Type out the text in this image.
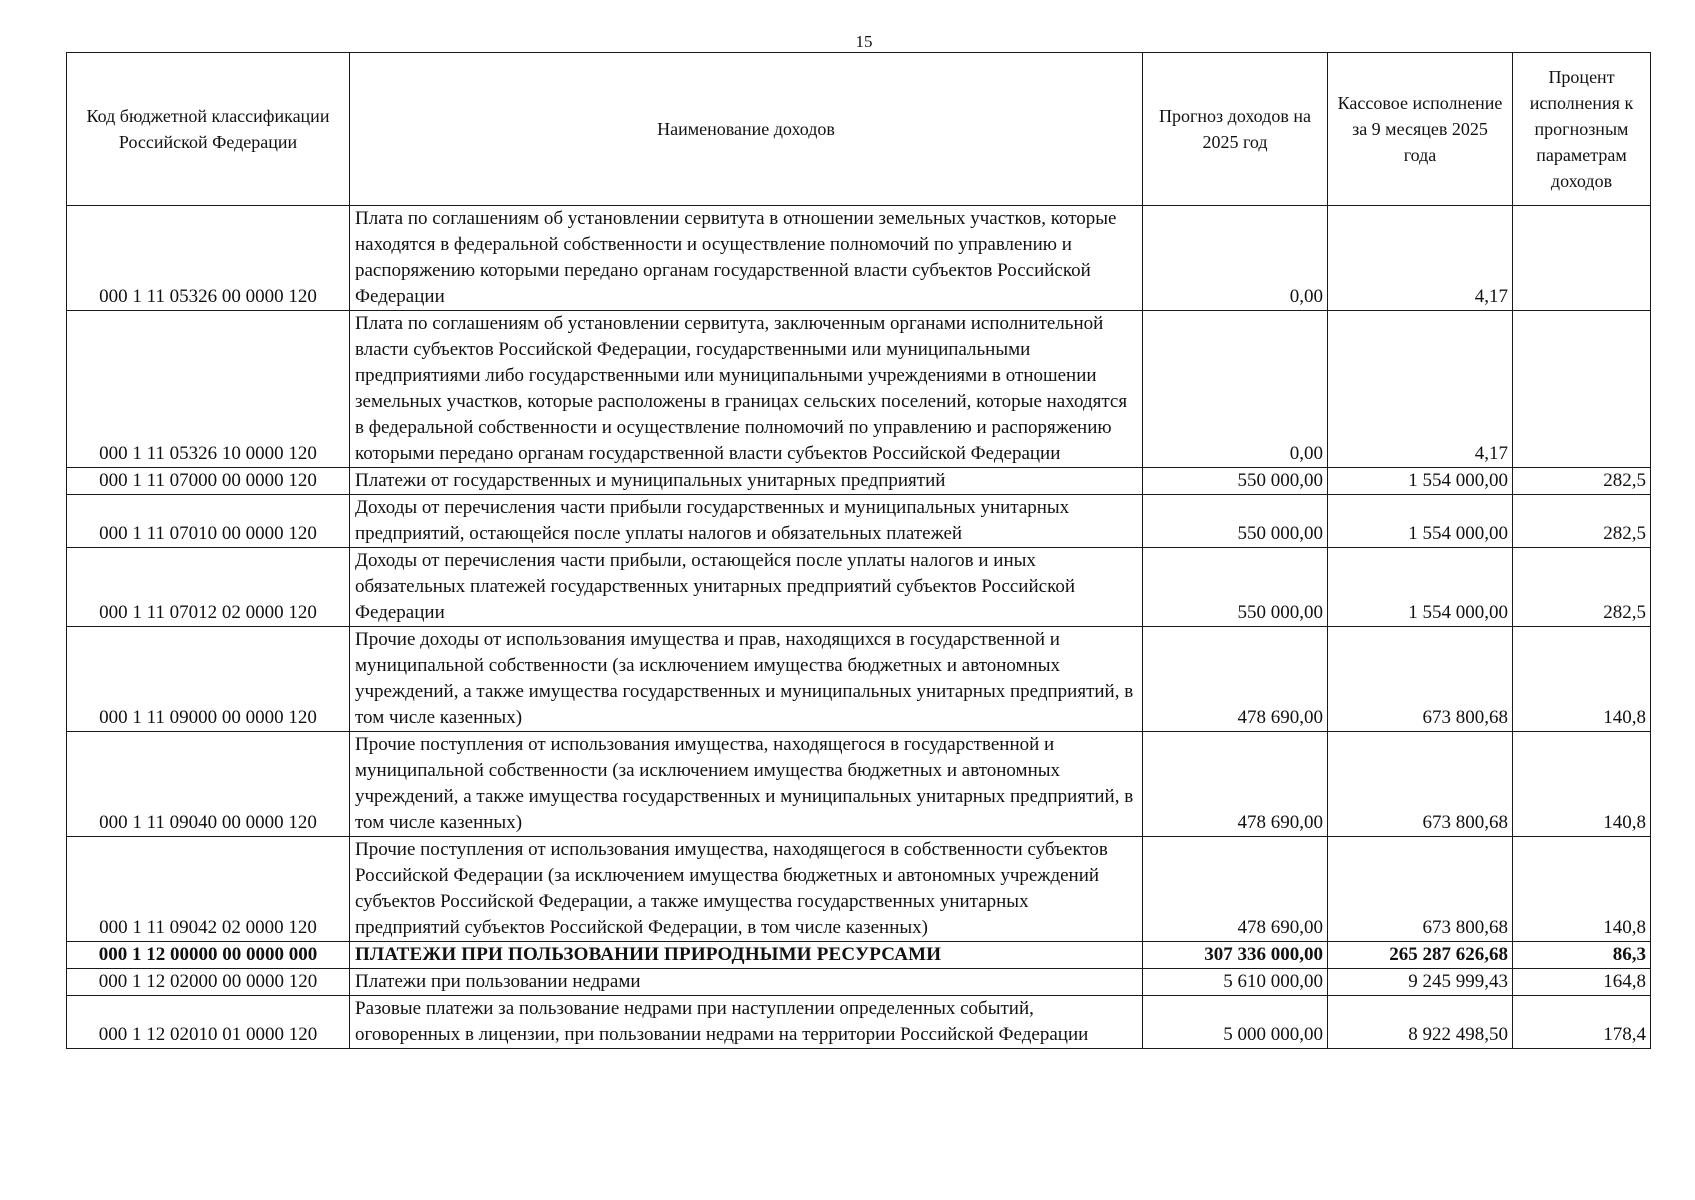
15
Код бюджетной классификации Российской Федерации	Наименование доходов	Прогноз доходов на 2025 год	Кассовое исполнение за 9 месяцев 2025 года	Процент исполнения к прогнозным параметрам доходов
000 1 11 05326 00 0000 120	Плата по соглашениям об установлении сервитута в отношении земельных участков, которые находятся в федеральной собственности и осуществление полномочий по управлению и распоряжению которыми передано органам государственной власти субъектов Российской Федерации	0,00	4,17	
000 1 11 05326 10 0000 120	Плата по соглашениям об установлении сервитута, заключенным органами исполнительной власти субъектов Российской Федерации, государственными или муниципальными предприятиями либо государственными или муниципальными учреждениями в отношении земельных участков, которые расположены в границах сельских поселений, которые находятся в федеральной собственности и осуществление полномочий по управлению и распоряжению которыми передано органам государственной власти субъектов Российской Федерации	0,00	4,17	
000 1 11 07000 00 0000 120	Платежи от государственных и муниципальных унитарных предприятий	550 000,00	1 554 000,00	282,5
000 1 11 07010 00 0000 120	Доходы от перечисления части прибыли государственных и муниципальных унитарных предприятий, остающейся после уплаты налогов и обязательных платежей	550 000,00	1 554 000,00	282,5
000 1 11 07012 02 0000 120	Доходы от перечисления части прибыли, остающейся после уплаты налогов и иных обязательных платежей государственных унитарных предприятий субъектов Российской Федерации	550 000,00	1 554 000,00	282,5
000 1 11 09000 00 0000 120	Прочие доходы от использования имущества и прав, находящихся в государственной и муниципальной собственности (за исключением имущества бюджетных и автономных учреждений, а также имущества государственных и муниципальных унитарных предприятий, в том числе казенных)	478 690,00	673 800,68	140,8
000 1 11 09040 00 0000 120	Прочие поступления от использования имущества, находящегося в государственной и муниципальной собственности (за исключением имущества бюджетных и автономных учреждений, а также имущества государственных и муниципальных унитарных предприятий, в том числе казенных)	478 690,00	673 800,68	140,8
000 1 11 09042 02 0000 120	Прочие поступления от использования имущества, находящегося в собственности субъектов Российской Федерации (за исключением имущества бюджетных и автономных учреждений субъектов Российской Федерации, а также имущества государственных унитарных предприятий субъектов Российской Федерации, в том числе казенных)	478 690,00	673 800,68	140,8
000 1 12 00000 00 0000 000	ПЛАТЕЖИ ПРИ ПОЛЬЗОВАНИИ ПРИРОДНЫМИ РЕСУРСАМИ	307 336 000,00	265 287 626,68	86,3
000 1 12 02000 00 0000 120	Платежи при пользовании недрами	5 610 000,00	9 245 999,43	164,8
000 1 12 02010 01 0000 120	Разовые платежи за пользование недрами при наступлении определенных событий, оговоренных в лицензии, при пользовании недрами на территории Российской Федерации	5 000 000,00	8 922 498,50	178,4
